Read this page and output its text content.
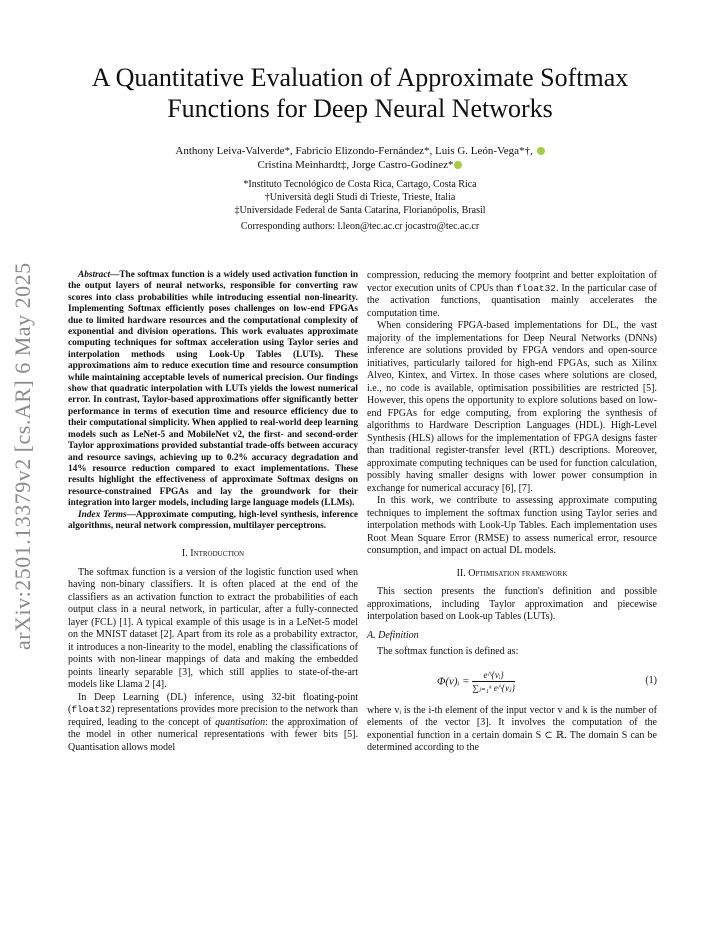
arXiv:2501.13379v2 [cs.AR] 6 May 2025
A Quantitative Evaluation of Approximate Softmax
Functions for Deep Neural Networks
Anthony Leiva-Valverde*, Fabricio Elizondo-Fernández*, Luis G. León-Vega*†,
Cristina Meinhardt‡, Jorge Castro-Godínez*
*Instituto Tecnológico de Costa Rica, Cartago, Costa Rica
†Università degli Studi di Trieste, Trieste, Italia
‡Universidade Federal de Santa Catarina, Florianópolis, Brasil
Corresponding authors: l.leon@tec.ac.cr jocastro@tec.ac.cr

Abstract—The softmax function is a widely used activation function in the output layers of neural networks, responsible for converting raw scores into class probabilities while introducing essential non-linearity. Implementing Softmax efficiently poses challenges on low-end FPGAs due to limited hardware resources and the computational complexity of exponential and division operations. This work evaluates approximate computing techniques for softmax acceleration using Taylor series and interpolation methods using Look-Up Tables (LUTs). These approximations aim to reduce execution time and resource consumption while maintaining acceptable levels of numerical precision. Our findings show that quadratic interpolation with LUTs yields the lowest numerical error. In contrast, Taylor-based approximations offer significantly better performance in terms of execution time and resource efficiency due to their computational simplicity. When applied to real-world deep learning models such as LeNet-5 and MobileNet v2, the first- and second-order Taylor approximations provided substantial trade-offs between accuracy and resource savings, achieving up to 0.2% accuracy degradation and 14% resource reduction compared to exact implementations. These results highlight the effectiveness of approximate Softmax designs on resource-constrained FPGAs and lay the groundwork for their integration into larger models, including large language models (LLMs).

Index Terms—Approximate computing, high-level synthesis, inference algorithms, neural network compression, multilayer perceptrons.

I. Introduction

The softmax function is a version of the logistic function used when having non-binary classifiers. It is often placed at the end of the classifiers as an activation function to extract the probabilities of each output class in a neural network, in particular, after a fully-connected layer (FCL) [1]. A typical example of this usage is in a LeNet-5 model on the MNIST dataset [2]. Apart from its role as a probability extractor, it introduces a non-linearity to the model, enabling the classifications of points with non-linear mappings of data and making the embedded points linearly separable [3], which still applies to state-of-the-art models like Llama 2 [4].

In Deep Learning (DL) inference, using 32-bit floating-point (float32) representations provides more precision to the network than required, leading to the concept of quantisation: the approximation of the model in other numerical representations with fewer bits [5]. Quantisation allows model

compression, reducing the memory footprint and better exploitation of vector execution units of CPUs than float32. In the particular case of the activation functions, quantisation mainly accelerates the computation time.

When considering FPGA-based implementations for DL, the vast majority of the implementations for Deep Neural Networks (DNNs) inference are solutions provided by FPGA vendors and open-source initiatives, particularly tailored for high-end FPGAs, such as Xilinx Alveo, Kintex, and Virtex. In those cases where solutions are closed, i.e., no code is available, optimisation possibilities are restricted [5]. However, this opens the opportunity to explore solutions based on low-end FPGAs for edge computing, from exploring the synthesis of algorithms to Hardware Description Languages (HDL). High-Level Synthesis (HLS) allows for the implementation of FPGA designs faster than traditional register-transfer level (RTL) descriptions. Moreover, approximate computing techniques can be used for function calculation, possibly having smaller designs with lower power consumption in exchange for numerical accuracy [6], [7].

In this work, we contribute to assessing approximate computing techniques to implement the softmax function using Taylor series and interpolation methods with Look-Up Tables. Each implementation uses Root Mean Square Error (RMSE) to assess numerical error, resource consumption, and impact on actual DL models.

II. Optimisation framework

This section presents the function's definition and possible approximations, including Taylor approximation and piecewise interpolation based on Look-up Tables (LUTs).

A. Definition

The softmax function is defined as:

Φ(v)ᵢ = $\frac{\text{e\textasciicircum{}\{vᵢ\}}}{\text{∑ⱼ₌₁ᵏ e\textasciicircum{}\{vⱼ\}}}$	(1)

where vᵢ is the i-th element of the input vector v and k is the number of elements of the vector [3]. It involves the computation of the exponential function in a certain domain S ⊂ ℝ. The domain S can be determined according to the
